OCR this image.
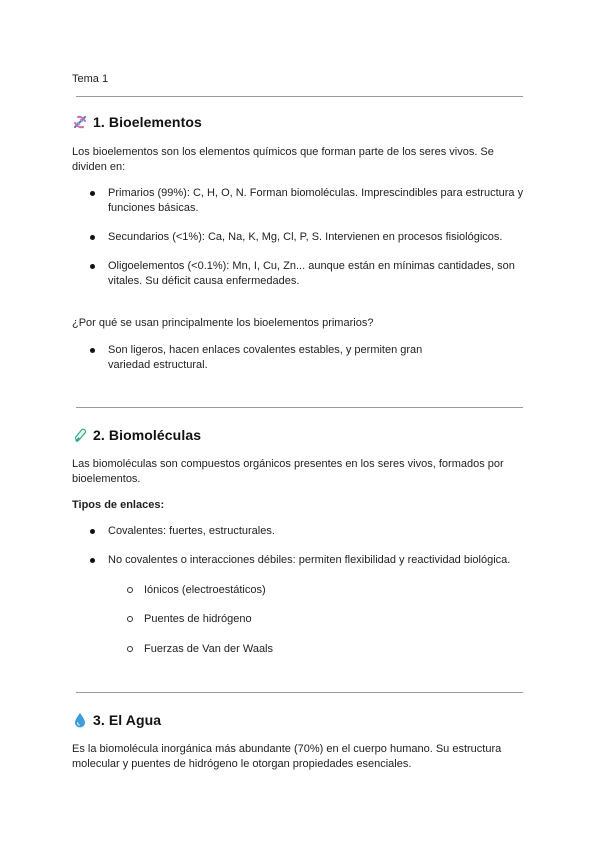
Tema 1
1. Bioelementos
Los bioelementos son los elementos químicos que forman parte de los seres vivos. Se dividen en:
Primarios (99%): C, H, O, N. Forman biomoléculas. Imprescindibles para estructura y funciones básicas.
Secundarios (<1%): Ca, Na, K, Mg, Cl, P, S. Intervienen en procesos fisiológicos.
Oligoelementos (<0.1%): Mn, I, Cu, Zn... aunque están en mínimas cantidades, son vitales. Su déficit causa enfermedades.
¿Por qué se usan principalmente los bioelementos primarios?
Son ligeros, hacen enlaces covalentes estables, y permiten gran variedad estructural.
2. Biomoléculas
Las biomoléculas son compuestos orgánicos presentes en los seres vivos, formados por bioelementos.
Tipos de enlaces:
Covalentes: fuertes, estructurales.
No covalentes o interacciones débiles: permiten flexibilidad y reactividad biológica.
Iónicos (electroestáticos)
Puentes de hidrógeno
Fuerzas de Van der Waals
3. El Agua
Es la biomolécula inorgánica más abundante (70%) en el cuerpo humano. Su estructura molecular y puentes de hidrógeno le otorgan propiedades esenciales.
